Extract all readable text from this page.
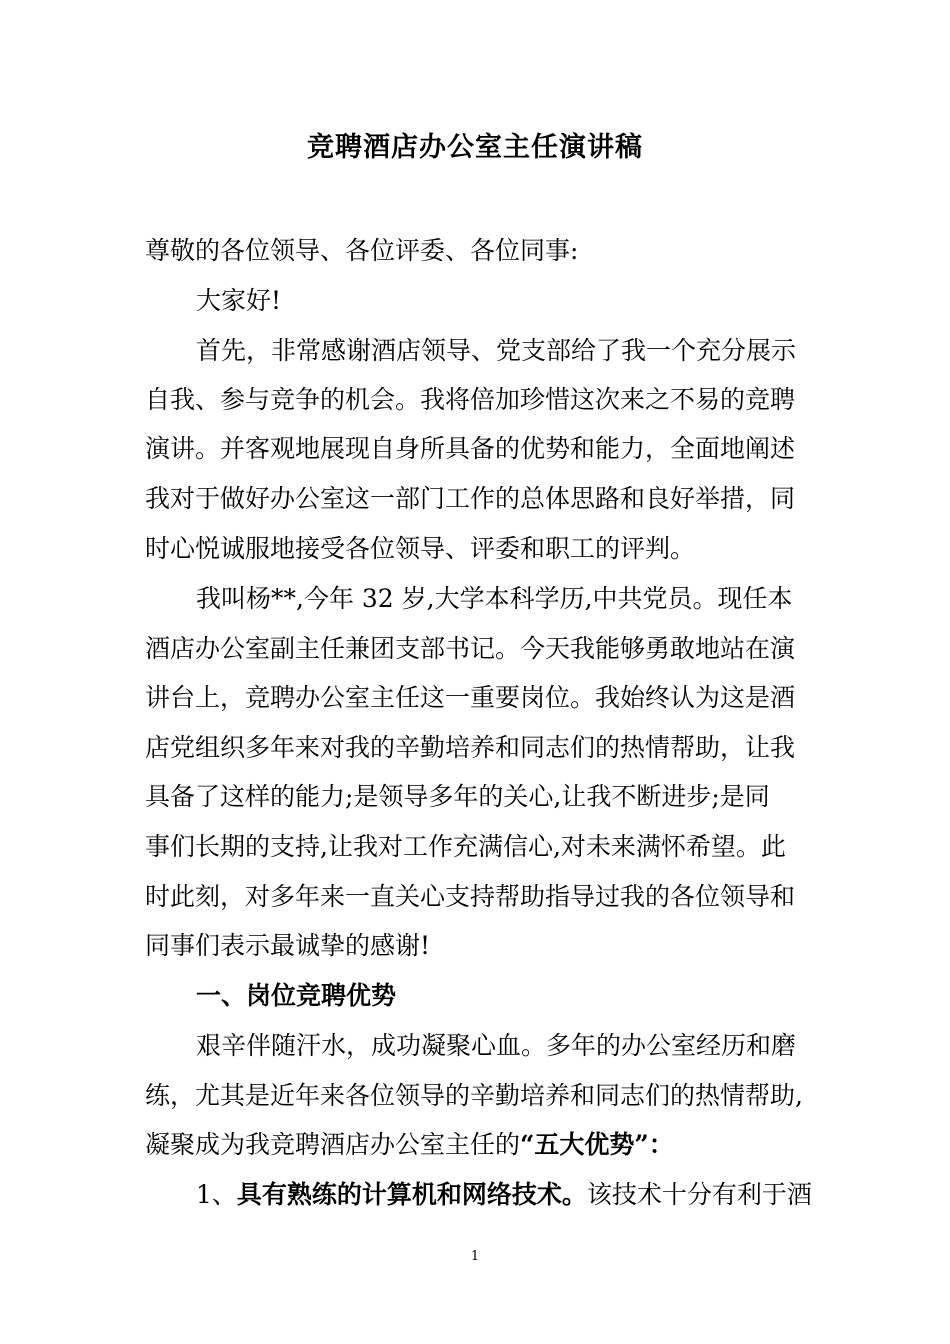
竞聘酒店办公室主任演讲稿
尊敬的各位领导、各位评委、各位同事:
大家好!
首先，非常感谢酒店领导、党支部给了我一个充分展示
自我、参与竞争的机会。我将倍加珍惜这次来之不易的竞聘
演讲。并客观地展现自身所具备的优势和能力，全面地阐述
我对于做好办公室这一部门工作的总体思路和良好举措，同
时心悦诚服地接受各位领导、评委和职工的评判。
我叫杨**,今年 32 岁,大学本科学历,中共党员。现任本
酒店办公室副主任兼团支部书记。今天我能够勇敢地站在演
讲台上，竞聘办公室主任这一重要岗位。我始终认为这是酒
店党组织多年来对我的辛勤培养和同志们的热情帮助，让我
具备了这样的能力;是领导多年的关心,让我不断进步;是同
事们长期的支持,让我对工作充满信心,对未来满怀希望。此
时此刻，对多年来一直关心支持帮助指导过我的各位领导和
同事们表示最诚挚的感谢!
一、岗位竞聘优势
艰辛伴随汗水，成功凝聚心血。多年的办公室经历和磨
练，尤其是近年来各位领导的辛勤培养和同志们的热情帮助,
凝聚成为我竞聘酒店办公室主任的“五大优势”：
1、具有熟练的计算机和网络技术。该技术十分有利于酒
1
